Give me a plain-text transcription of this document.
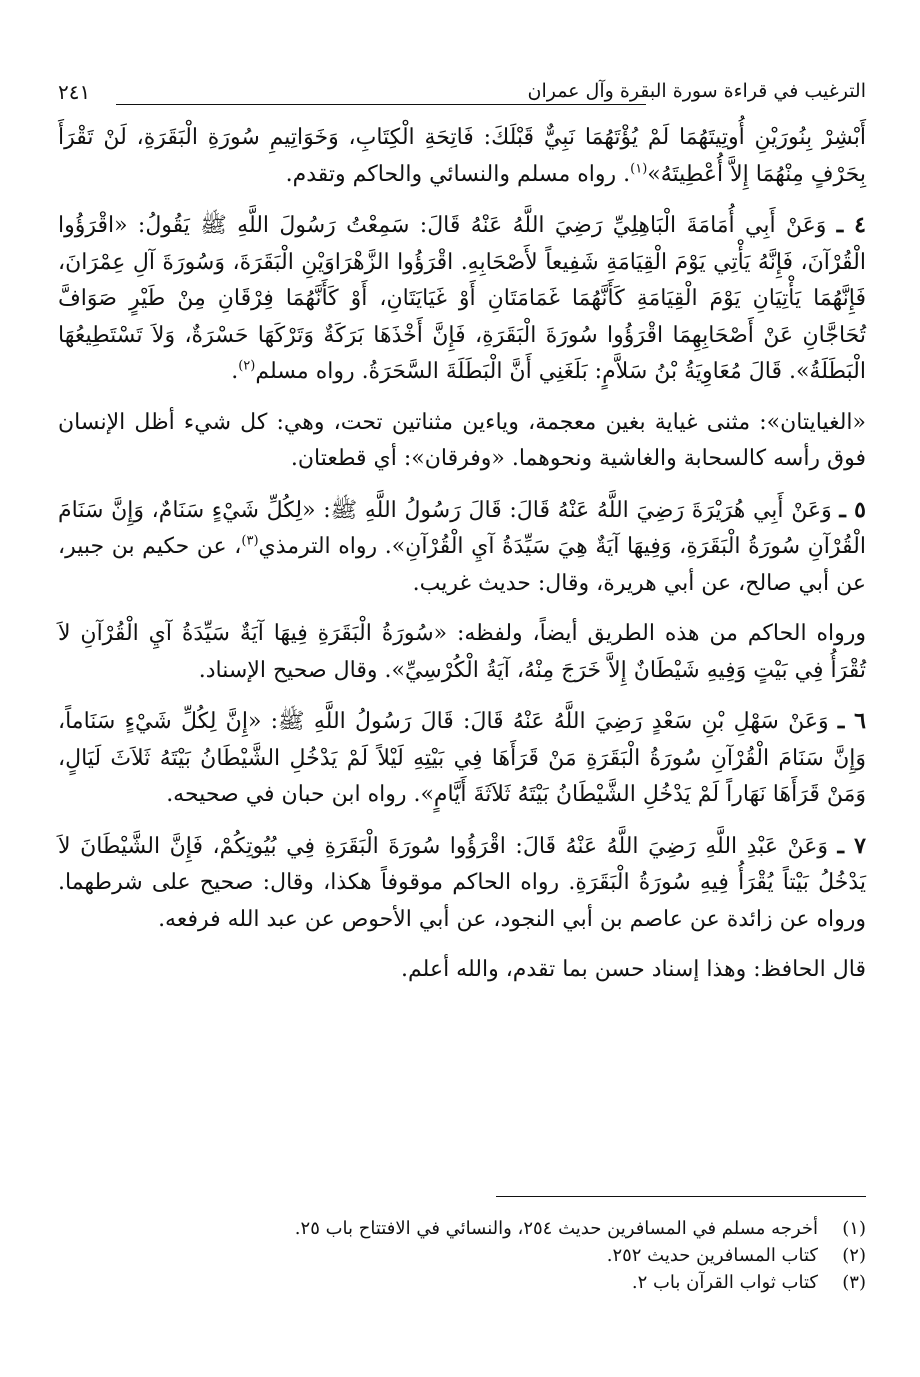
الترغيب في قراءة سورة البقرة وآل عمران
٢٤١

أَبْشِرْ بِنُورَيْنِ أُوتِيتَهُمَا لَمْ يُؤْتَهُمَا نَبِيٌّ قَبْلَكَ: فَاتِحَةِ الْكِتَابِ، وَخَوَاتِيمِ سُورَةِ الْبَقَرَةِ، لَنْ تَقْرَأَ بِحَرْفٍ مِنْهُمَا إِلاَّ أُعْطِيتَهُ»$^{(١)}$. رواه مسلم والنسائي والحاكم وتقدم.

٤ ـ وَعَنْ أَبِي أُمَامَةَ الْبَاهِلِيِّ رَضِيَ اللَّهُ عَنْهُ قَالَ: سَمِعْتُ رَسُولَ اللَّهِ ﷺ يَقُولُ: «اقْرَؤُوا الْقُرْآنَ، فَإِنَّهُ يَأْتِي يَوْمَ الْقِيَامَةِ شَفِيعاً لأَصْحَابِهِ. اقْرَؤُوا الزَّهْرَاوَيْنِ الْبَقَرَةَ، وَسُورَةَ آلِ عِمْرَانَ، فَإِنَّهُمَا يَأْتِيَانِ يَوْمَ الْقِيَامَةِ كَأَنَّهُمَا غَمَامَتَانِ أَوْ غَيَايَتَانِ، أَوْ كَأَنَّهُمَا فِرْقَانِ مِنْ طَيْرٍ صَوَافَّ تُحَاجَّانِ عَنْ أَصْحَابِهِمَا اقْرَؤُوا سُورَةَ الْبَقَرَةِ، فَإِنَّ أَخْذَهَا بَرَكَةٌ وَتَرْكَهَا حَسْرَةٌ، وَلاَ تَسْتَطِيعُهَا الْبَطَلَةُ». قَالَ مُعَاوِيَةُ بْنُ سَلاَّمٍ: بَلَغَنِي أَنَّ الْبَطَلَةَ السَّحَرَةُ. رواه مسلم$^{(٢)}$.

«الغيايتان»: مثنى غياية بغين معجمة، وياءين مثناتين تحت، وهي: كل شيء أظل الإنسان فوق رأسه كالسحابة والغاشية ونحوهما. «وفرقان»: أي قطعتان.

٥ ـ وَعَنْ أَبِي هُرَيْرَةَ رَضِيَ اللَّهُ عَنْهُ قَالَ: قَالَ رَسُولُ اللَّهِ ﷺ: «لِكُلِّ شَيْءٍ سَنَامٌ، وَإِنَّ سَنَامَ الْقُرْآنِ سُورَةُ الْبَقَرَةِ، وَفِيهَا آيَةٌ هِيَ سَيِّدَةُ آيِ الْقُرْآنِ». رواه الترمذي$^{(٣)}$، عن حكيم بن جبير، عن أبي صالح، عن أبي هريرة، وقال: حديث غريب.

ورواه الحاكم من هذه الطريق أيضاً، ولفظه: «سُورَةُ الْبَقَرَةِ فِيهَا آيَةٌ سَيِّدَةُ آيِ الْقُرْآنِ لاَ تُقْرَأُ فِي بَيْتٍ وَفِيهِ شَيْطَانٌ إِلاَّ خَرَجَ مِنْهُ، آيَةُ الْكُرْسِيِّ». وقال صحيح الإسناد.

٦ ـ وَعَنْ سَهْلِ بْنِ سَعْدٍ رَضِيَ اللَّهُ عَنْهُ قَالَ: قَالَ رَسُولُ اللَّهِ ﷺ: «إِنَّ لِكُلِّ شَيْءٍ سَنَاماً، وَإِنَّ سَنَامَ الْقُرْآنِ سُورَةُ الْبَقَرَةِ مَنْ قَرَأَهَا فِي بَيْتِهِ لَيْلاً لَمْ يَدْخُلِ الشَّيْطَانُ بَيْتَهُ ثَلاَثَ لَيَالٍ، وَمَنْ قَرَأَهَا نَهَاراً لَمْ يَدْخُلِ الشَّيْطَانُ بَيْتَهُ ثَلاَثَةَ أَيَّامٍ». رواه ابن حبان في صحيحه.

٧ ـ وَعَنْ عَبْدِ اللَّهِ رَضِيَ اللَّهُ عَنْهُ قَالَ: اقْرَؤُوا سُورَةَ الْبَقَرَةِ فِي بُيُوتِكُمْ، فَإِنَّ الشَّيْطَانَ لاَ يَدْخُلُ بَيْتاً يُقْرَأُ فِيهِ سُورَةُ الْبَقَرَةِ. رواه الحاكم موقوفاً هكذا، وقال: صحيح على شرطهما. ورواه عن زائدة عن عاصم بن أبي النجود، عن أبي الأحوص عن عبد الله فرفعه.

قال الحافظ: وهذا إسناد حسن بما تقدم، والله أعلم.

(١)
أخرجه مسلم في المسافرين حديث ٢٥٤، والنسائي في الافتتاح باب ٢٥.
(٢)
كتاب المسافرين حديث ٢٥٢.
(٣)
كتاب ثواب القرآن باب ٢.
